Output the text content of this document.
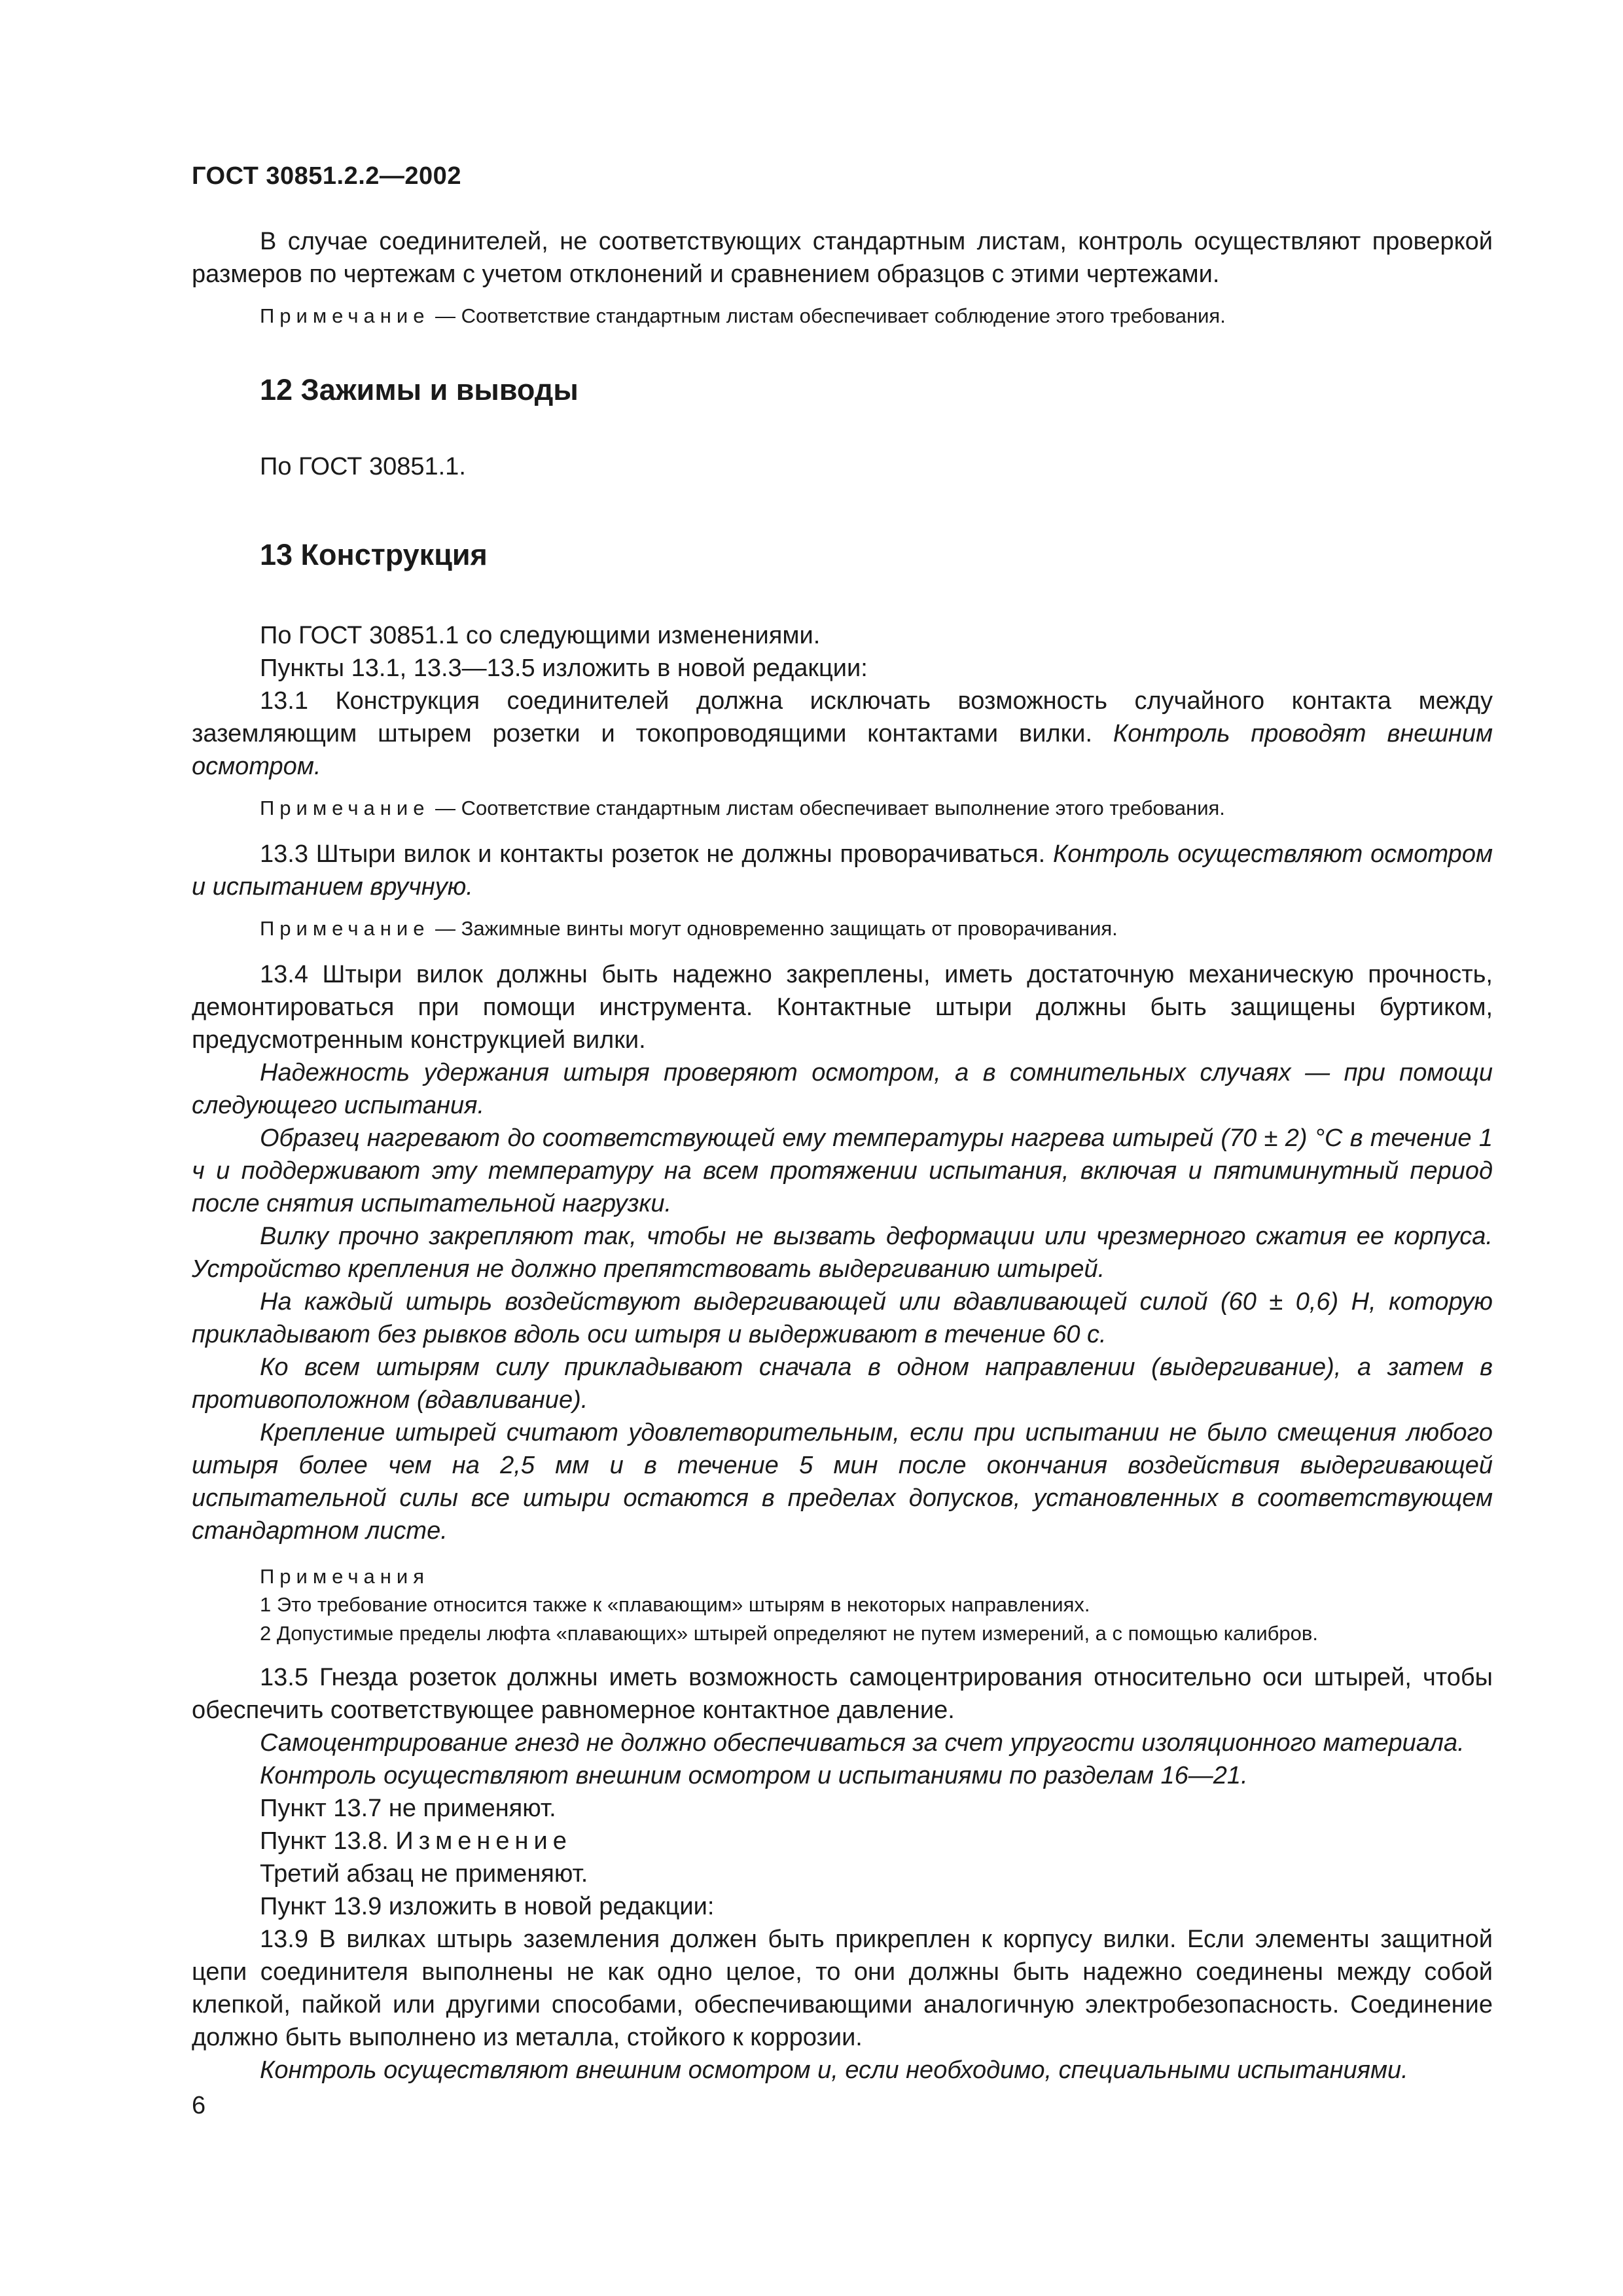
ГОСТ 30851.2.2—2002

В случае соединителей, не соответствующих стандартным листам, контроль осуществляют проверкой размеров по чертежам с учетом отклонений и сравнением образцов с этими чертежами.

Примечание — Соответствие стандартным листам обеспечивает соблюдение этого требования.

12 Зажимы и выводы

По ГОСТ 30851.1.

13 Конструкция

По ГОСТ 30851.1 со следующими изменениями.

Пункты 13.1, 13.3—13.5 изложить в новой редакции:

13.1 Конструкция соединителей должна исключать возможность случайного контакта между заземляющим штырем розетки и токопроводящими контактами вилки. Контроль проводят внешним осмотром.

Примечание — Соответствие стандартным листам обеспечивает выполнение этого требования.

13.3 Штыри вилок и контакты розеток не должны проворачиваться. Контроль осуществляют осмотром и испытанием вручную.

Примечание — Зажимные винты могут одновременно защищать от проворачивания.

13.4 Штыри вилок должны быть надежно закреплены, иметь достаточную механическую прочность, демонтироваться при помощи инструмента. Контактные штыри должны быть защищены буртиком, предусмотренным конструкцией вилки.

Надежность удержания штыря проверяют осмотром, а в сомнительных случаях — при помощи следующего испытания.

Образец нагревают до соответствующей ему температуры нагрева штырей (70 ± 2) °C в течение 1 ч и поддерживают эту температуру на всем протяжении испытания, включая и пятиминутный период после снятия испытательной нагрузки.

Вилку прочно закрепляют так, чтобы не вызвать деформации или чрезмерного сжатия ее корпуса. Устройство крепления не должно препятствовать выдергиванию штырей.

На каждый штырь воздействуют выдергивающей или вдавливающей силой (60 ± 0,6) Н, которую прикладывают без рывков вдоль оси штыря и выдерживают в течение 60 с.

Ко всем штырям силу прикладывают сначала в одном направлении (выдергивание), а затем в противоположном (вдавливание).

Крепление штырей считают удовлетворительным, если при испытании не было смещения любого штыря более чем на 2,5 мм и в течение 5 мин после окончания воздействия выдергивающей испытательной силы все штыри остаются в пределах допусков, установленных в соответствующем стандартном листе.

Примечания
1 Это требование относится также к «плавающим» штырям в некоторых направлениях.
2 Допустимые пределы люфта «плавающих» штырей определяют не путем измерений, а с помощью калибров.

13.5 Гнезда розеток должны иметь возможность самоцентрирования относительно оси штырей, чтобы обеспечить соответствующее равномерное контактное давление.

Самоцентрирование гнезд не должно обеспечиваться за счет упругости изоляционного материала.

Контроль осуществляют внешним осмотром и испытаниями по разделам 16—21.

Пункт 13.7 не применяют.

Пункт 13.8. Изменение

Третий абзац не применяют.

Пункт 13.9 изложить в новой редакции:

13.9 В вилках штырь заземления должен быть прикреплен к корпусу вилки. Если элементы защитной цепи соединителя выполнены не как одно целое, то они должны быть надежно соединены между собой клепкой, пайкой или другими способами, обеспечивающими аналогичную электробезопасность. Соединение должно быть выполнено из металла, стойкого к коррозии.

Контроль осуществляют внешним осмотром и, если необходимо, специальными испытаниями.

6
